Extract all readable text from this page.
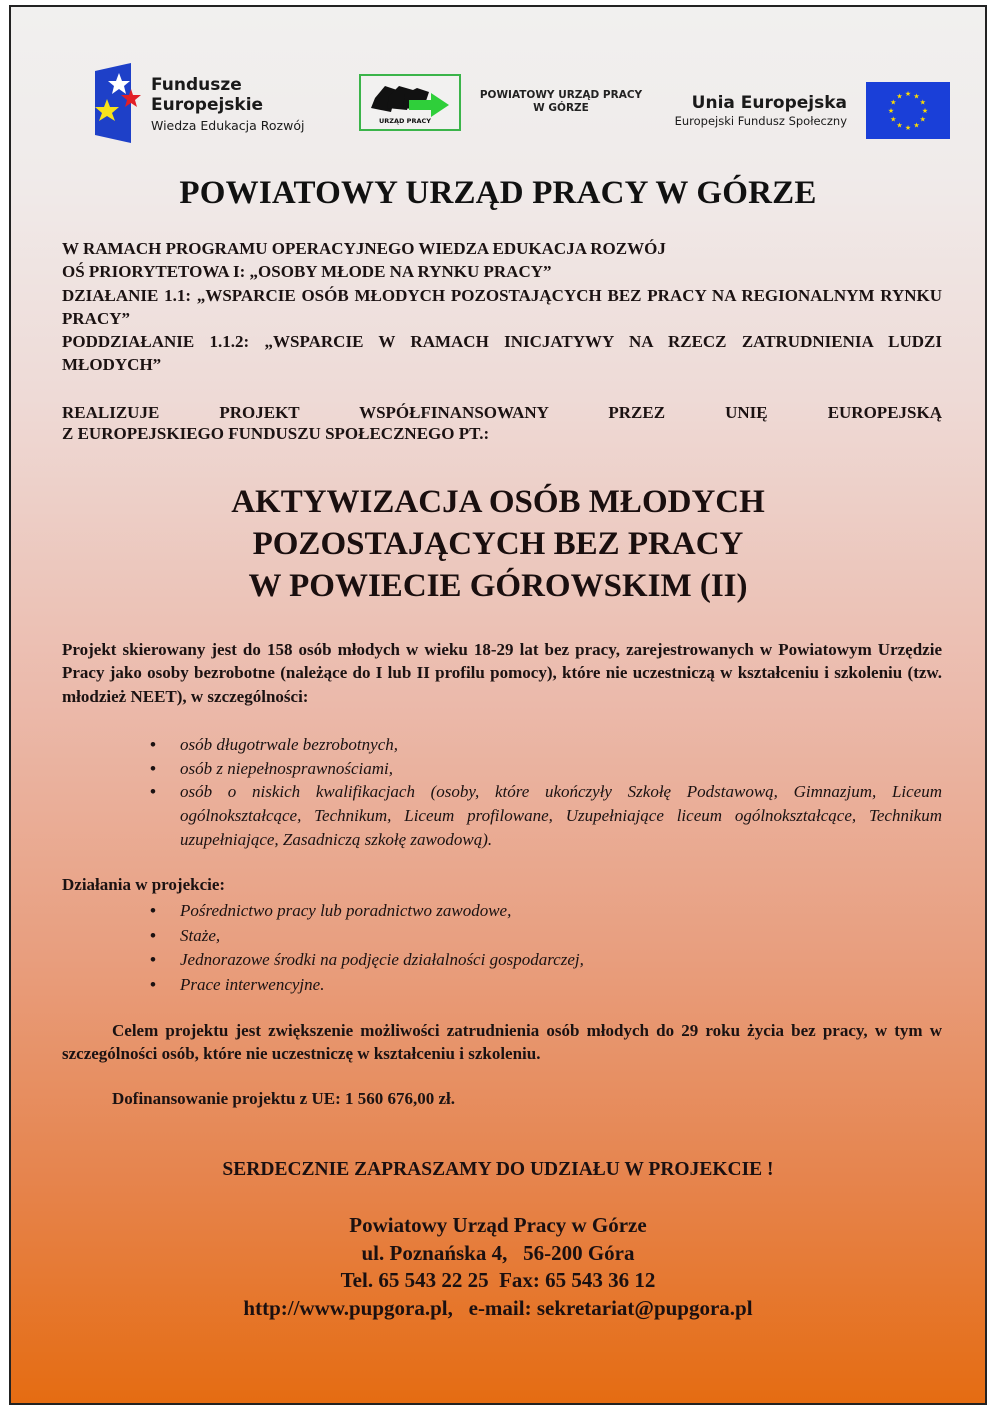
Fundusze
Europejskie
Wiedza Edukacja Rozwój	URZĄD PRACY
POWIATOWY URZĄD PRACY
W GÓRZE	Unia Europejska
Europejski Fundusz Społeczny
★ ★
★
★
★
★
★
★
★
★
★
★
POWIATOWY URZĄD PRACY W GÓRZE

W RAMACH PROGRAMU OPERACYJNEGO WIEDZA EDUKACJA ROZWÓJ

OŚ PRIORYTETOWA I: „OSOBY MŁODE NA RYNKU PRACY”

DZIAŁANIE 1.1: „WSPARCIE OSÓB MŁODYCH POZOSTAJĄCYCH BEZ PRACY NA REGIONALNYM RYNKU PRACY”

PODDZIAŁANIE 1.1.2: „WSPARCIE W RAMACH INICJATYWY NA RZECZ ZATRUDNIENIA LUDZI MŁODYCH”

REALIZUJE PROJEKT WSPÓŁFINANSOWANY PRZEZ UNIĘ EUROPEJSKĄ
Z EUROPEJSKIEGO FUNDUSZU SPOŁECZNEGO PT.:
AKTYWIZACJA OSÓB MŁODYCH
POZOSTAJĄCYCH BEZ PRACY
W POWIECIE GÓROWSKIM (II)
Projekt skierowany jest do 158 osób młodych w wieku 18-29 lat bez pracy, zarejestrowanych w Powiatowym Urzędzie Pracy jako osoby bezrobotne (należące do I lub II profilu pomocy), które nie uczestniczą w kształceniu i szkoleniu (tzw. młodzież NEET), w szczególności:
• osób długotrwale bezrobotnych,
• osób z niepełnosprawnościami,
• osób o niskich kwalifikacjach (osoby, które ukończyły Szkołę Podstawową, Gimnazjum, Liceum ogólnokształcące, Technikum, Liceum profilowane, Uzupełniające liceum ogólnokształcące, Technikum uzupełniające, Zasadniczą szkołę zawodową).
Działania w projekcie:
• Pośrednictwo pracy lub poradnictwo zawodowe,
• Staże,
• Jednorazowe środki na podjęcie działalności gospodarczej,
• Prace interwencyjne.
Celem projektu jest zwiększenie możliwości zatrudnienia osób młodych do 29 roku życia bez pracy, w tym w szczególności osób, które nie uczestniczę w kształceniu i szkoleniu.
Dofinansowanie projektu z UE: 1 560 676,00 zł.
SERDECZNIE ZAPRASZAMY DO UDZIAŁU W PROJEKCIE !
Powiatowy Urząd Pracy w Górze
ul. Poznańska 4,   56-200 Góra
Tel. 65 543 22 25  Fax: 65 543 36 12
http://www.pupgora.pl,   e-mail: sekretariat@pupgora.pl
